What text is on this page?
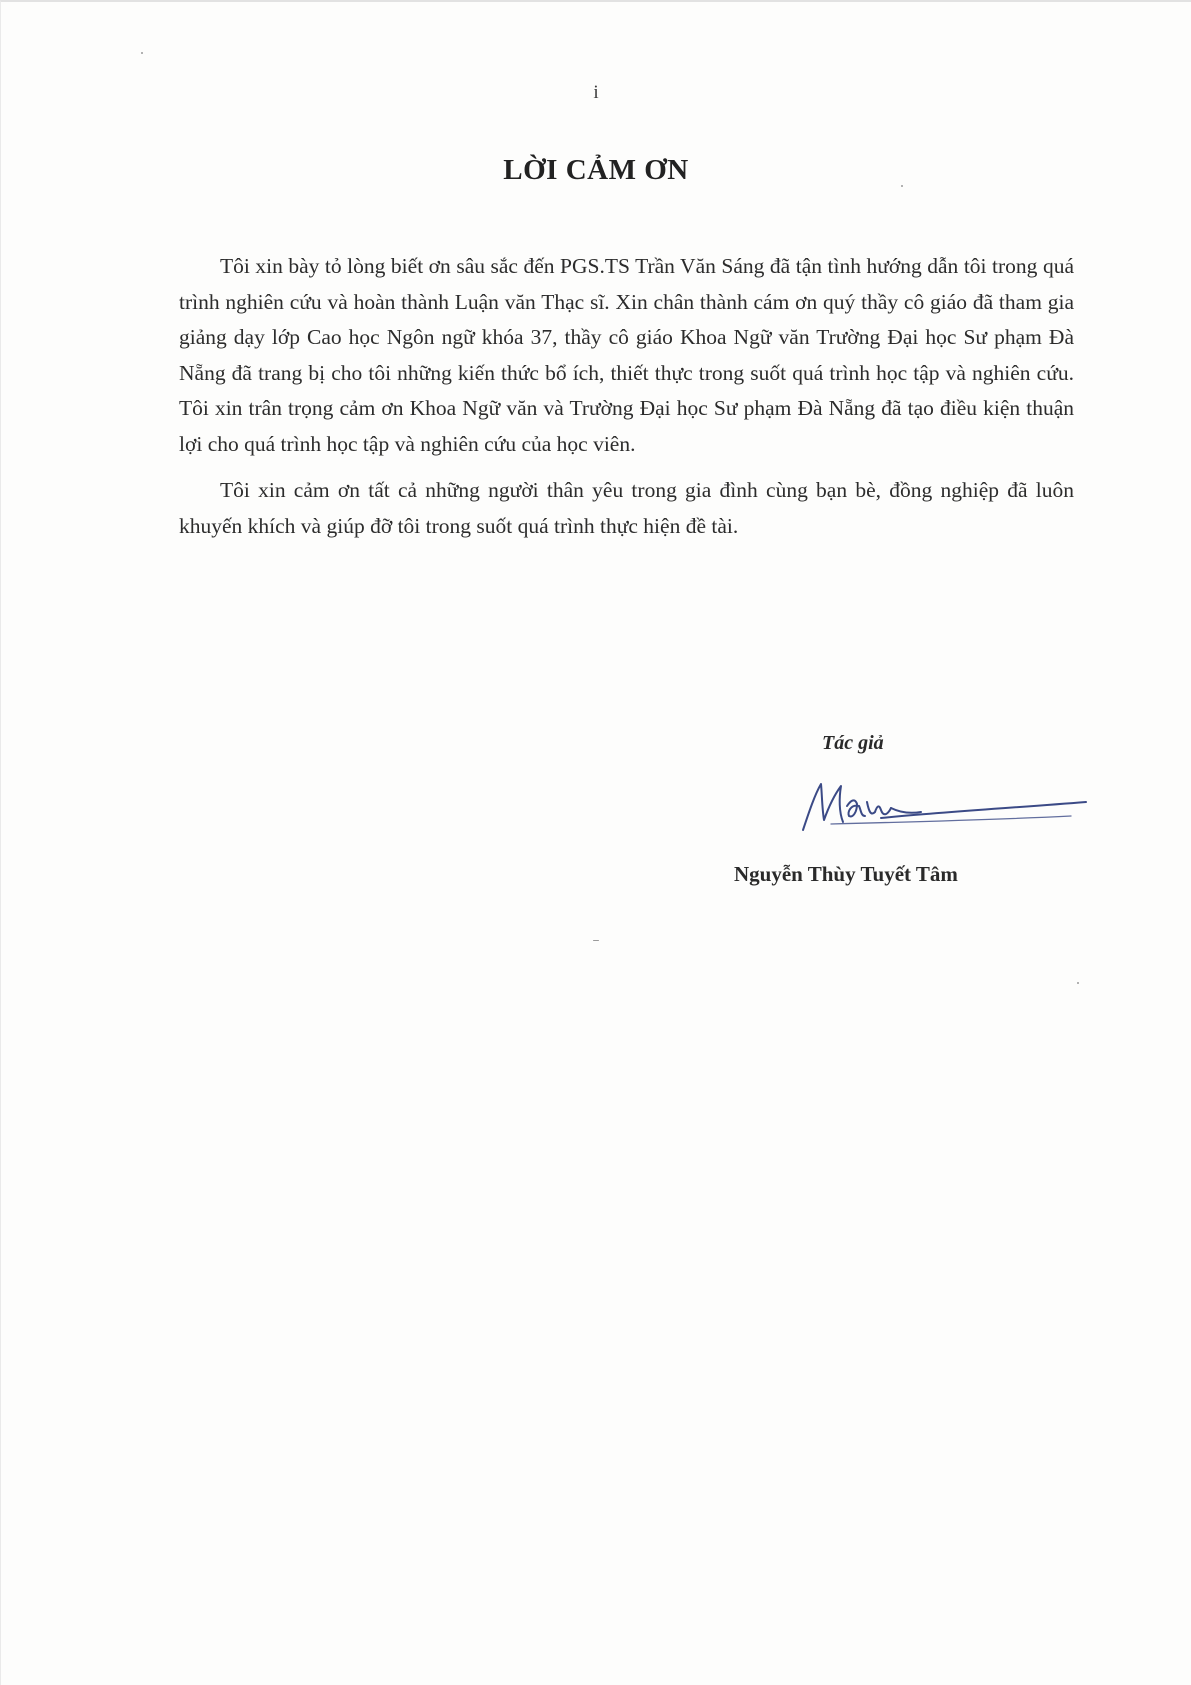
i
LỜI CẢM ƠN

Tôi xin bày tỏ lòng biết ơn sâu sắc đến PGS.TS Trần Văn Sáng đã tận tình hướng dẫn tôi trong quá trình nghiên cứu và hoàn thành Luận văn Thạc sĩ. Xin chân thành cám ơn quý thầy cô giáo đã tham gia giảng dạy lớp Cao học Ngôn ngữ khóa 37, thầy cô giáo Khoa Ngữ văn Trường Đại học Sư phạm Đà Nẵng đã trang bị cho tôi những kiến thức bổ ích, thiết thực trong suốt quá trình học tập và nghiên cứu. Tôi xin trân trọng cảm ơn Khoa Ngữ văn và Trường Đại học Sư phạm Đà Nẵng đã tạo điều kiện thuận lợi cho quá trình học tập và nghiên cứu của học viên.

Tôi xin cảm ơn tất cả những người thân yêu trong gia đình cùng bạn bè, đồng nghiệp đã luôn khuyến khích và giúp đỡ tôi trong suốt quá trình thực hiện đề tài.

Tác giả
Nguyễn Thùy Tuyết Tâm
